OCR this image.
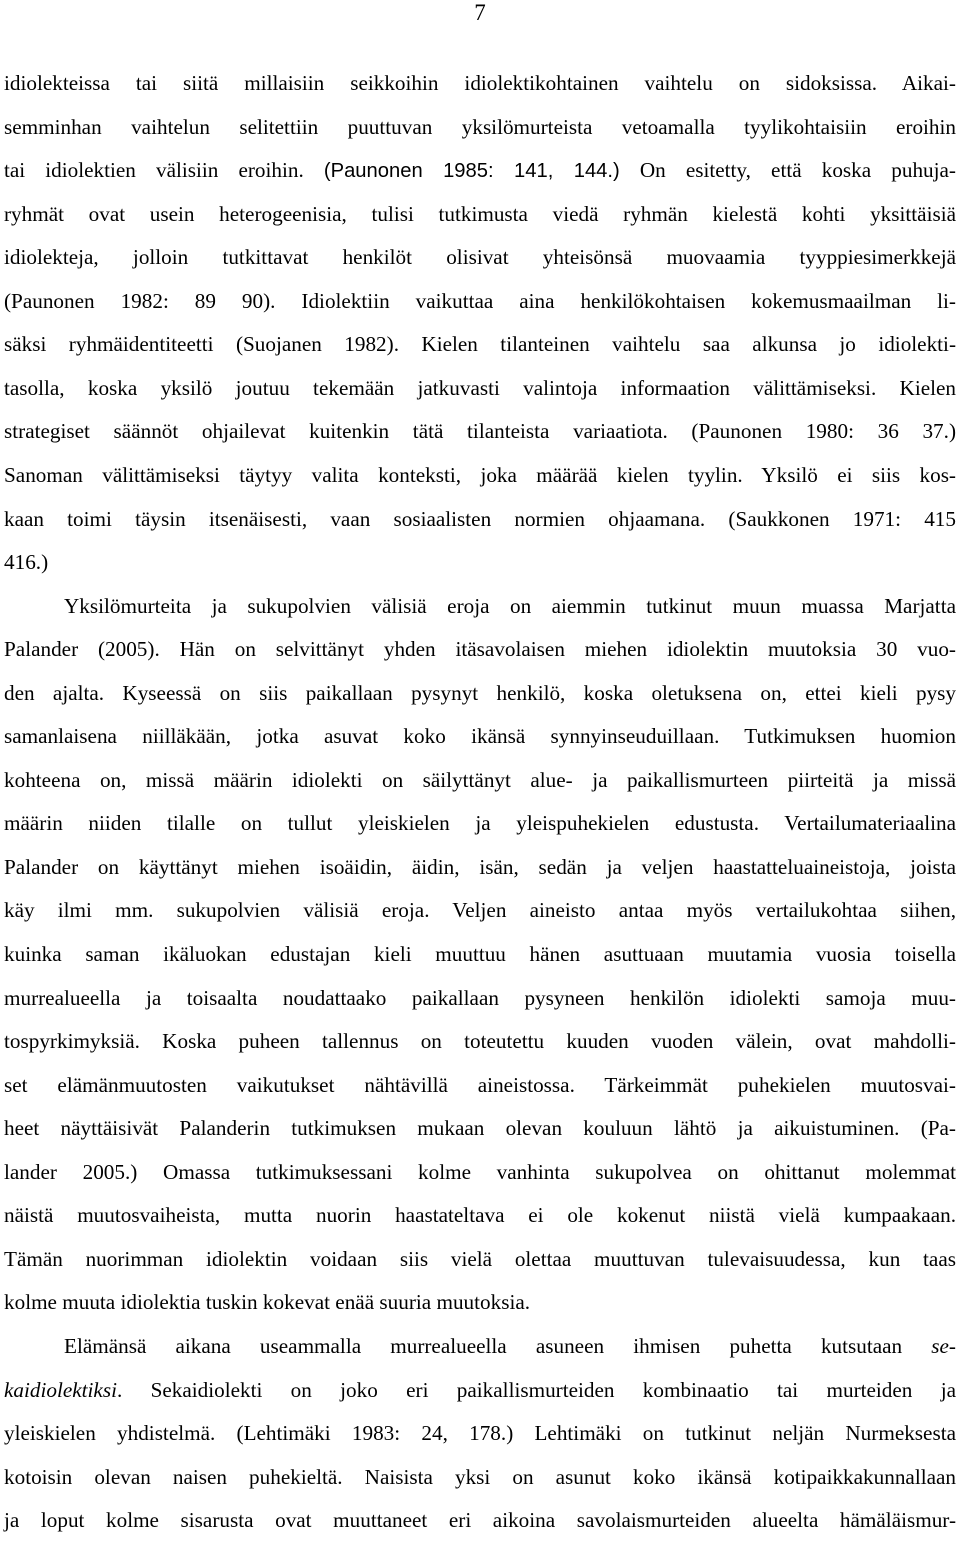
7
idiolekteissa tai siitä millaisiin seikkoihin idiolektikohtainen vaihtelu on sidoksissa. Aikai-
semminhan vaihtelun selitettiin puuttuvan yksilömurteista vetoamalla tyylikohtaisiin eroihin
tai idiolektien välisiin eroihin. (Paunonen 1985: 141, 144.) On esitetty, että koska puhuja-
ryhmät ovat usein heterogeenisia, tulisi tutkimusta viedä ryhmän kielestä kohti yksittäisiä
idiolekteja, jolloin tutkittavat henkilöt olisivat yhteisönsä muovaamia tyyppiesimerkkejä
(Paunonen 1982: 89 90). Idiolektiin vaikuttaa aina henkilökohtaisen kokemusmaailman li-
säksi ryhmäidentiteetti (Suojanen 1982). Kielen tilanteinen vaihtelu saa alkunsa jo idiolekti-
tasolla, koska yksilö joutuu tekemään jatkuvasti valintoja informaation välittämiseksi. Kielen
strategiset säännöt ohjailevat kuitenkin tätä tilanteista variaatiota. (Paunonen 1980: 36 37.)
Sanoman välittämiseksi täytyy valita konteksti, joka määrää kielen tyylin. Yksilö ei siis kos-
kaan toimi täysin itsenäisesti, vaan sosiaalisten normien ohjaamana. (Saukkonen 1971: 415
416.)
Yksilömurteita ja sukupolvien välisiä eroja on aiemmin tutkinut muun muassa Marjatta
Palander (2005). Hän on selvittänyt yhden itäsavolaisen miehen idiolektin muutoksia 30 vuo-
den ajalta. Kyseessä on siis paikallaan pysynyt henkilö, koska oletuksena on, ettei kieli pysy
samanlaisena niilläkään, jotka asuvat koko ikänsä synnyinseuduillaan. Tutkimuksen huomion
kohteena on, missä määrin idiolekti on säilyttänyt alue- ja paikallismurteen piirteitä ja missä
määrin niiden tilalle on tullut yleiskielen ja yleispuhekielen edustusta. Vertailumateriaalina
Palander on käyttänyt miehen isoäidin, äidin, isän, sedän ja veljen haastatteluaineistoja, joista
käy ilmi mm. sukupolvien välisiä eroja. Veljen aineisto antaa myös vertailukohtaa siihen,
kuinka saman ikäluokan edustajan kieli muuttuu hänen asuttuaan muutamia vuosia toisella
murrealueella ja toisaalta noudattaako paikallaan pysyneen henkilön idiolekti samoja muu-
tospyrkimyksiä. Koska puheen tallennus on toteutettu kuuden vuoden välein, ovat mahdolli-
set elämänmuutosten vaikutukset nähtävillä aineistossa. Tärkeimmät puhekielen muutosvai-
heet näyttäisivät Palanderin tutkimuksen mukaan olevan kouluun lähtö ja aikuistuminen. (Pa-
lander 2005.) Omassa tutkimuksessani kolme vanhinta sukupolvea on ohittanut molemmat
näistä muutosvaiheista, mutta nuorin haastateltava ei ole kokenut niistä vielä kumpaakaan.
Tämän nuorimman idiolektin voidaan siis vielä olettaa muuttuvan tulevaisuudessa, kun taas
kolme muuta idiolektia tuskin kokevat enää suuria muutoksia.
Elämänsä aikana useammalla murrealueella asuneen ihmisen puhetta kutsutaan se-
kaidiolektiksi. Sekaidiolekti on joko eri paikallismurteiden kombinaatio tai murteiden ja
yleiskielen yhdistelmä. (Lehtimäki 1983: 24, 178.) Lehtimäki on tutkinut neljän Nurmeksesta
kotoisin olevan naisen puhekieltä. Naisista yksi on asunut koko ikänsä kotipaikkakunnallaan
ja loput kolme sisarusta ovat muuttaneet eri aikoina savolaismurteiden alueelta hämäläismur-
